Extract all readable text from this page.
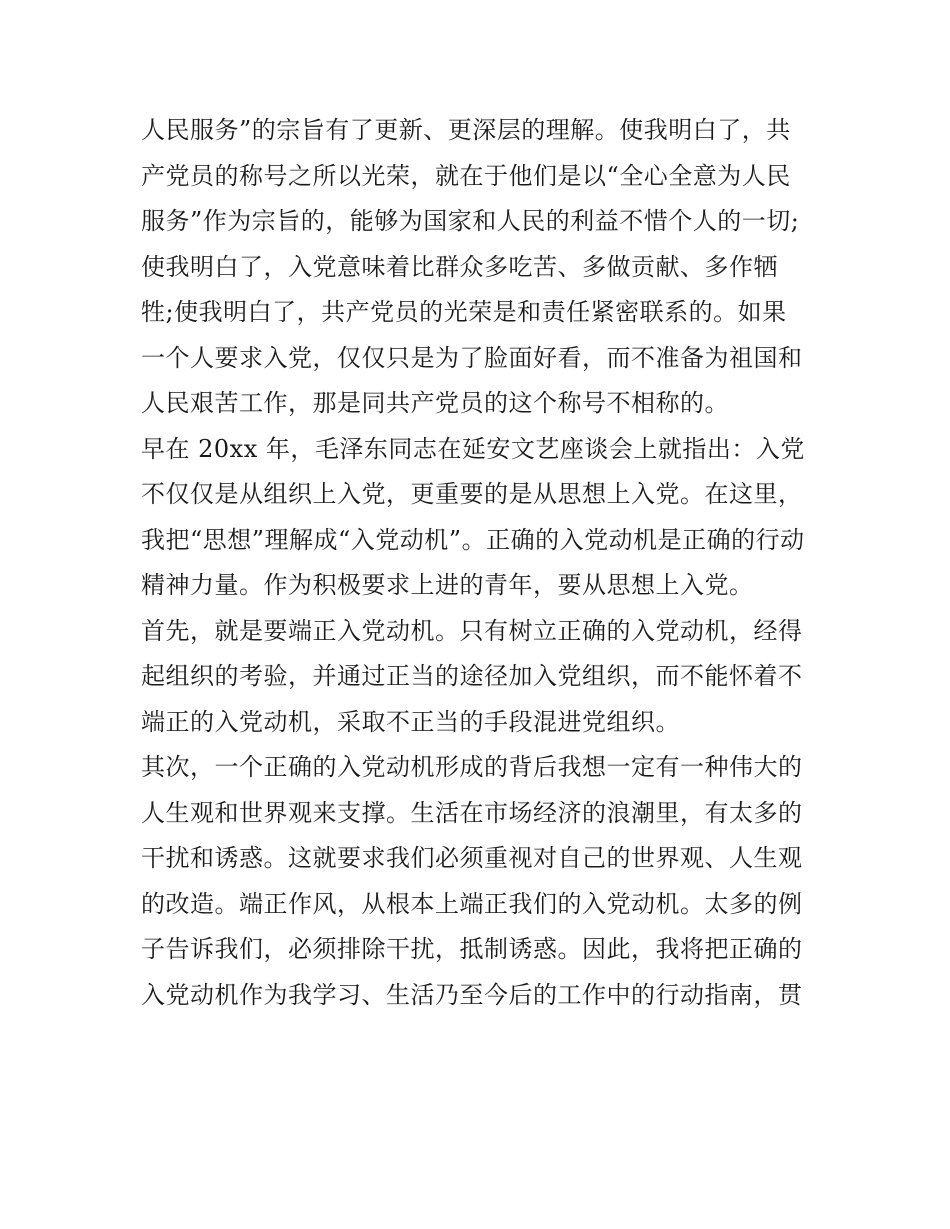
人民服务”的宗旨有了更新、更深层的理解。使我明白了，共
产党员的称号之所以光荣，就在于他们是以“全心全意为人民
服务”作为宗旨的，能够为国家和人民的利益不惜个人的一切;
使我明白了，入党意味着比群众多吃苦、多做贡献、多作牺
牲;使我明白了，共产党员的光荣是和责任紧密联系的。如果
一个人要求入党，仅仅只是为了脸面好看，而不准备为祖国和
人民艰苦工作，那是同共产党员的这个称号不相称的。
早在 20xx 年，毛泽东同志在延安文艺座谈会上就指出：入党
不仅仅是从组织上入党，更重要的是从思想上入党。在这里，
我把“思想”理解成“入党动机”。正确的入党动机是正确的行动
精神力量。作为积极要求上进的青年，要从思想上入党。
首先，就是要端正入党动机。只有树立正确的入党动机，经得
起组织的考验，并通过正当的途径加入党组织，而不能怀着不
端正的入党动机，采取不正当的手段混进党组织。
其次，一个正确的入党动机形成的背后我想一定有一种伟大的
人生观和世界观来支撑。生活在市场经济的浪潮里，有太多的
干扰和诱惑。这就要求我们必须重视对自己的世界观、人生观
的改造。端正作风，从根本上端正我们的入党动机。太多的例
子告诉我们，必须排除干扰，抵制诱惑。因此，我将把正确的
入党动机作为我学习、生活乃至今后的工作中的行动指南，贯
